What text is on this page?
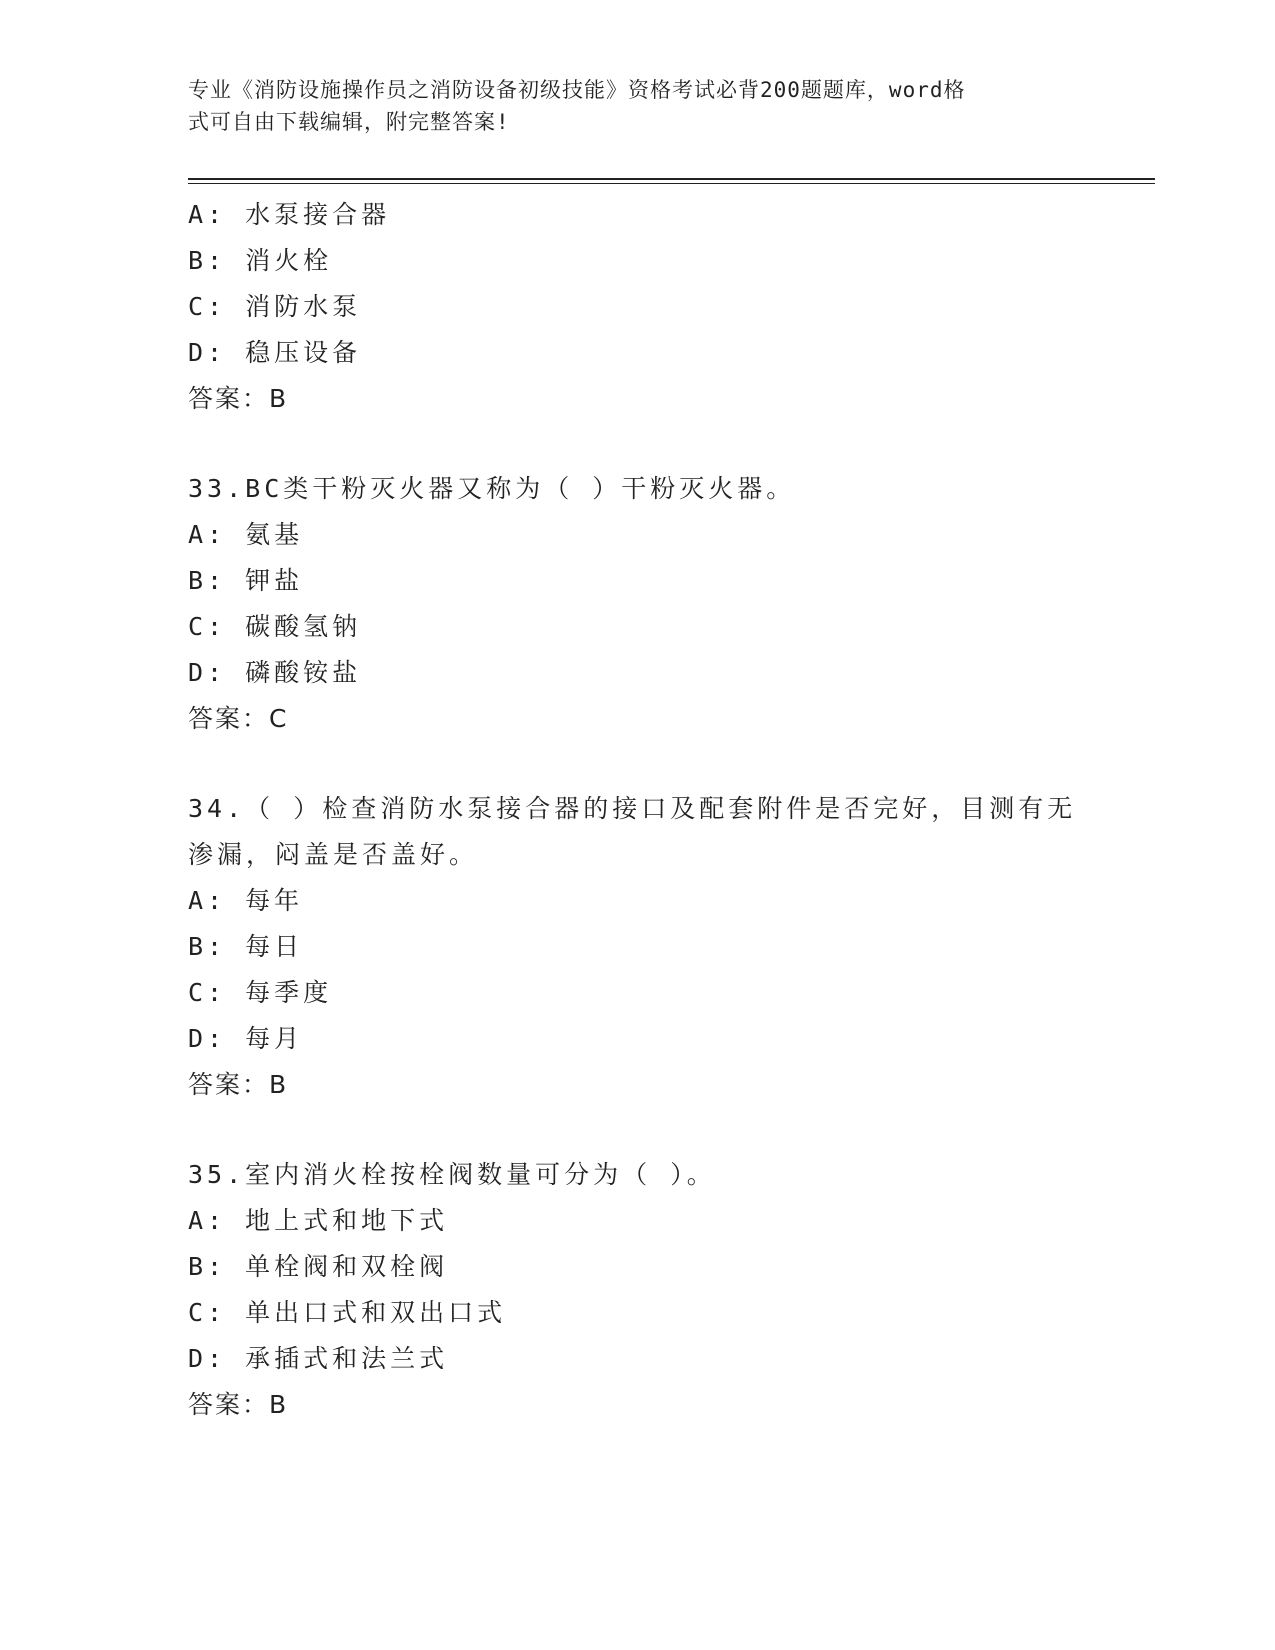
专业《消防设施操作员之消防设备初级技能》资格考试必背200题题库，word格
式可自由下载编辑，附完整答案!
A: 水泵接合器
B: 消火栓
C: 消防水泵
D: 稳压设备
答案：B
33.BC类干粉灭火器又称为（ ）干粉灭火器。
A: 氨基
B: 钾盐
C: 碳酸氢钠
D: 磷酸铵盐
答案：C
34.（ ）检查消防水泵接合器的接口及配套附件是否完好，目测有无
渗漏，闷盖是否盖好。
A: 每年
B: 每日
C: 每季度
D: 每月
答案：B
35.室内消火栓按栓阀数量可分为（ ）。
A: 地上式和地下式
B: 单栓阀和双栓阀
C: 单出口式和双出口式
D: 承插式和法兰式
答案：B
